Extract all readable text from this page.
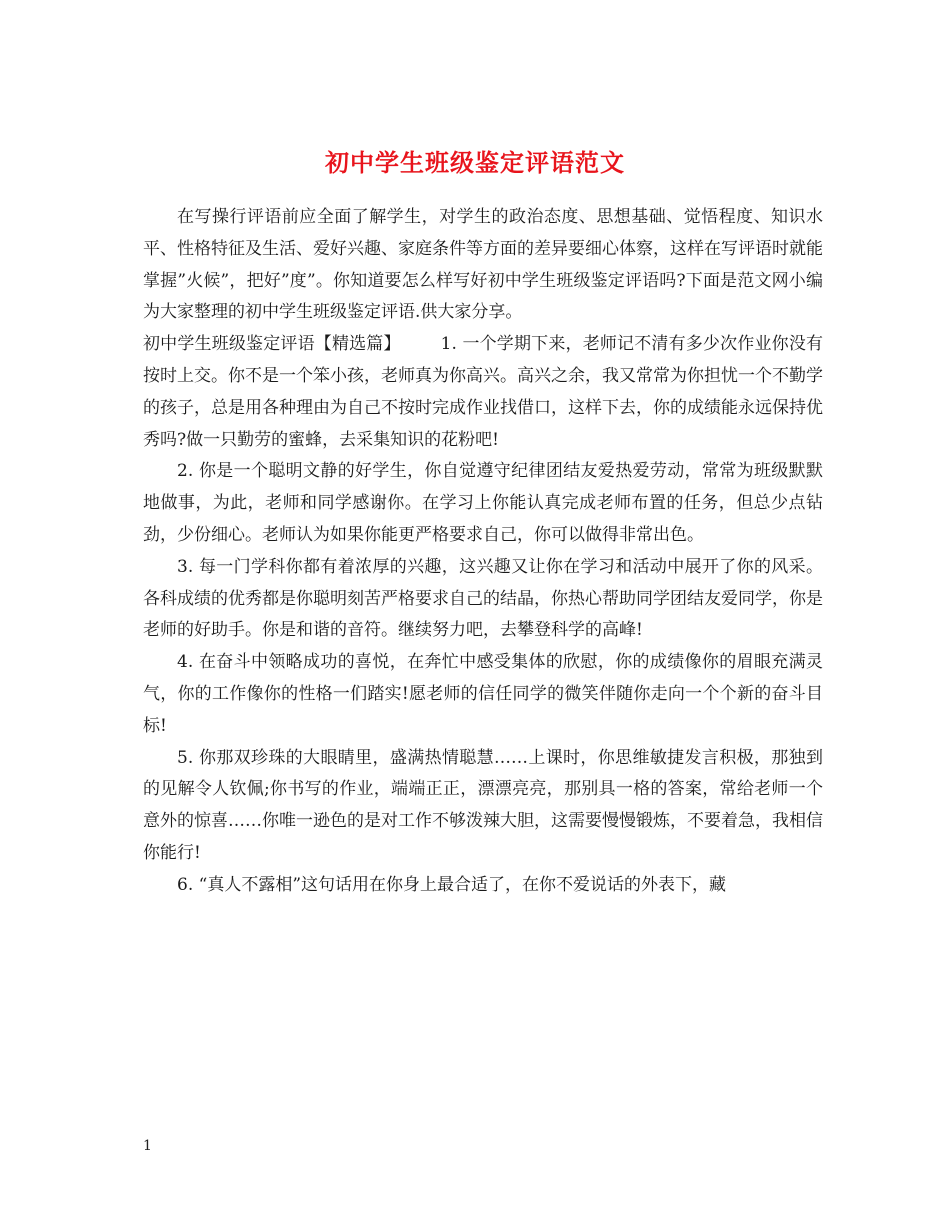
初中学生班级鉴定评语范文

在写操行评语前应全面了解学生，对学生的政治态度、思想基础、觉悟程度、知识水平、性格特征及生活、爱好兴趣、家庭条件等方面的差异要细心体察，这样在写评语时就能掌握”火候”，把好”度”。你知道要怎么样写好初中学生班级鉴定评语吗?下面是范文网小编为大家整理的初中学生班级鉴定评语.供大家分享。

初中学生班级鉴定评语【精选篇】 1. 一个学期下来，老师记不清有多少次作业你没有按时上交。你不是一个笨小孩，老师真为你高兴。高兴之余，我又常常为你担忧一个不勤学的孩子，总是用各种理由为自己不按时完成作业找借口，这样下去，你的成绩能永远保持优秀吗?做一只勤劳的蜜蜂，去采集知识的花粉吧!

2. 你是一个聪明文静的好学生，你自觉遵守纪律团结友爱热爱劳动，常常为班级默默地做事，为此，老师和同学感谢你。在学习上你能认真完成老师布置的任务，但总少点钻劲，少份细心。老师认为如果你能更严格要求自己，你可以做得非常出色。

3. 每一门学科你都有着浓厚的兴趣，这兴趣又让你在学习和活动中展开了你的风采。各科成绩的优秀都是你聪明刻苦严格要求自己的结晶，你热心帮助同学团结友爱同学，你是老师的好助手。你是和谐的音符。继续努力吧，去攀登科学的高峰!

4. 在奋斗中领略成功的喜悦，在奔忙中感受集体的欣慰，你的成绩像你的眉眼充满灵气，你的工作像你的性格一们踏实!愿老师的信任同学的微笑伴随你走向一个个新的奋斗目标!

5. 你那双珍珠的大眼睛里，盛满热情聪慧……上课时，你思维敏捷发言积极，那独到的见解令人钦佩;你书写的作业，端端正正，漂漂亮亮，那别具一格的答案，常给老师一个意外的惊喜……你唯一逊色的是对工作不够泼辣大胆，这需要慢慢锻炼，不要着急，我相信你能行!

6. “真人不露相”这句话用在你身上最合适了，在你不爱说话的外表下，藏

1
